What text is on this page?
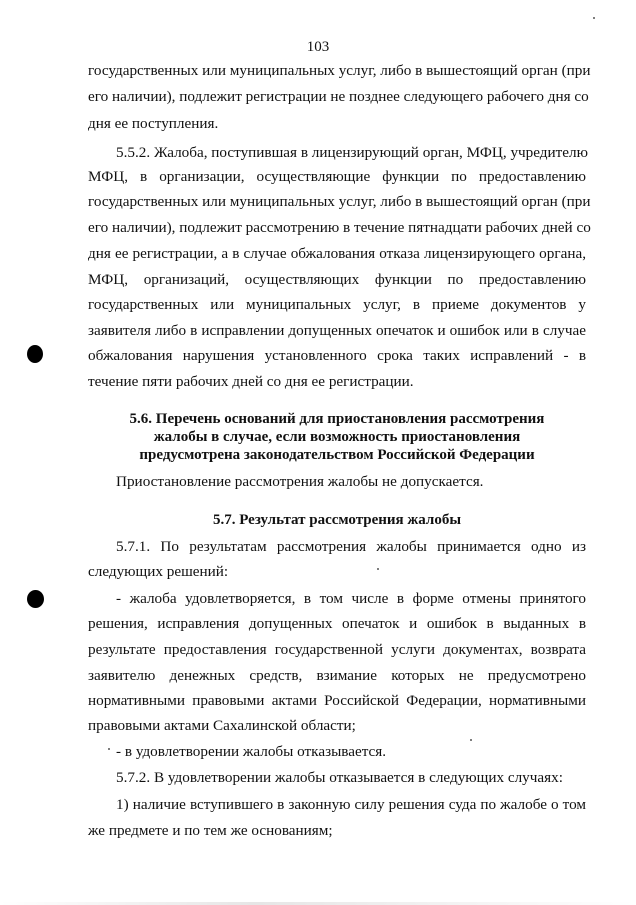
103
государственных или муниципальных услуг, либо в вышестоящий орган (при
его наличии), подлежит регистрации не позднее следующего рабочего дня со
дня ее поступления.
5.5.2. Жалоба, поступившая в лицензирующий орган, МФЦ, учредителю
МФЦ, в организации, осуществляющие функции по предоставлению
государственных или муниципальных услуг, либо в вышестоящий орган (при
его наличии), подлежит рассмотрению в течение пятнадцати рабочих дней со
дня ее регистрации, а в случае обжалования отказа лицензирующего органа,
МФЦ, организаций, осуществляющих функции по предоставлению
государственных или муниципальных услуг, в приеме документов у
заявителя либо в исправлении допущенных опечаток и ошибок или в случае
обжалования нарушения установленного срока таких исправлений - в
течение пяти рабочих дней со дня ее регистрации.
5.6. Перечень оснований для приостановления рассмотрения
жалобы в случае, если возможность приостановления
предусмотрена законодательством Российской Федерации
Приостановление рассмотрения жалобы не допускается.
5.7. Результат рассмотрения жалобы
5.7.1. По результатам рассмотрения жалобы принимается одно из
следующих решений:
- жалоба удовлетворяется, в том числе в форме отмены принятого
решения, исправления допущенных опечаток и ошибок в выданных в
результате предоставления государственной услуги документах, возврата
заявителю денежных средств, взимание которых не предусмотрено
нормативными правовыми актами Российской Федерации, нормативными
правовыми актами Сахалинской области;
- в удовлетворении жалобы отказывается.
5.7.2. В удовлетворении жалобы отказывается в следующих случаях:
1) наличие вступившего в законную силу решения суда по жалобе о том
же предмете и по тем же основаниям;
